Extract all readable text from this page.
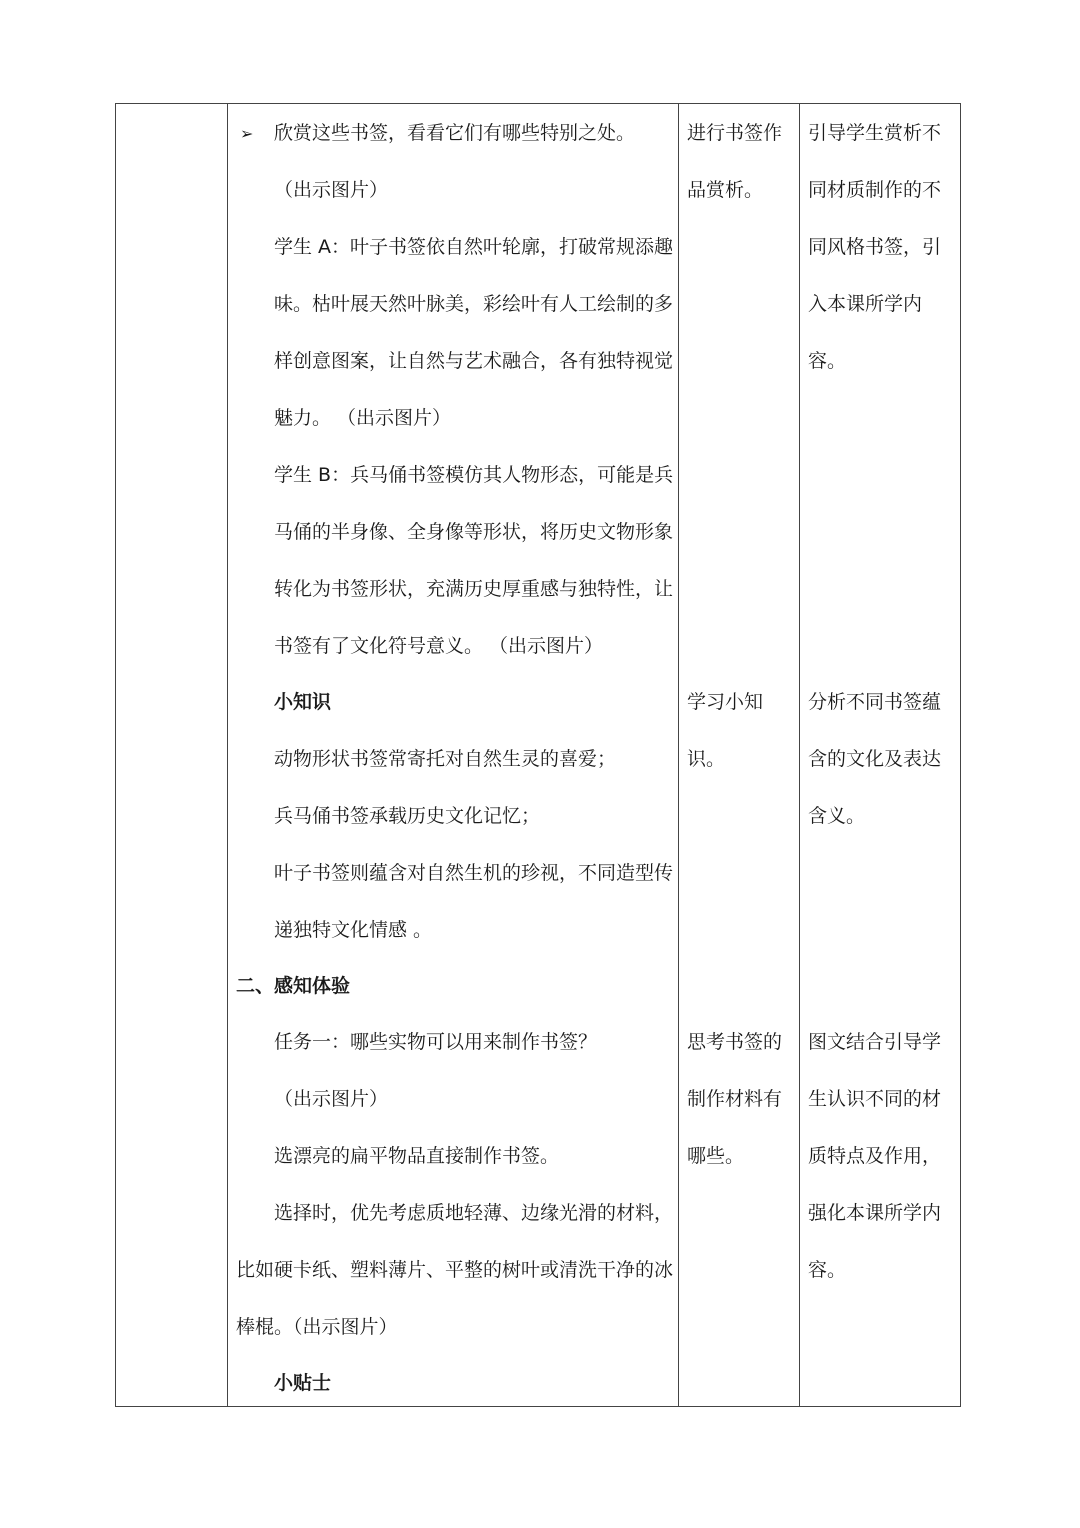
➢ 欣赏这些书签，看看它们有哪些特别之处。
（出示图片）
学生 A：叶子书签依自然叶轮廓，打破常规添趣
味。枯叶展天然叶脉美，彩绘叶有人工绘制的多
样创意图案，让自然与艺术融合，各有独特视觉
魅力。 （出示图片）
学生 B：兵马俑书签模仿其人物形态，可能是兵
马俑的半身像、全身像等形状，将历史文物形象
转化为书签形状，充满历史厚重感与独特性，让
书签有了文化符号意义。 （出示图片）
小知识
动物形状书签常寄托对自然生灵的喜爱；
兵马俑书签承载历史文化记忆；
叶子书签则蕴含对自然生机的珍视，不同造型传
递独特文化情感 。
二、感知体验
任务一：哪些实物可以用来制作书签？
（出示图片）
选漂亮的扁平物品直接制作书签。
选择时，优先考虑质地轻薄、边缘光滑的材料，
比如硬卡纸、塑料薄片、平整的树叶或清洗干净的冰
棒棍。（出示图片）
小贴士
进行书签作
品赏析。
学习小知
识。
思考书签的
制作材料有
哪些。
引导学生赏析不
同材质制作的不
同风格书签，引
入本课所学内
容。
分析不同书签蕴
含的文化及表达
含义。
图文结合引导学
生认识不同的材
质特点及作用，
强化本课所学内
容。
